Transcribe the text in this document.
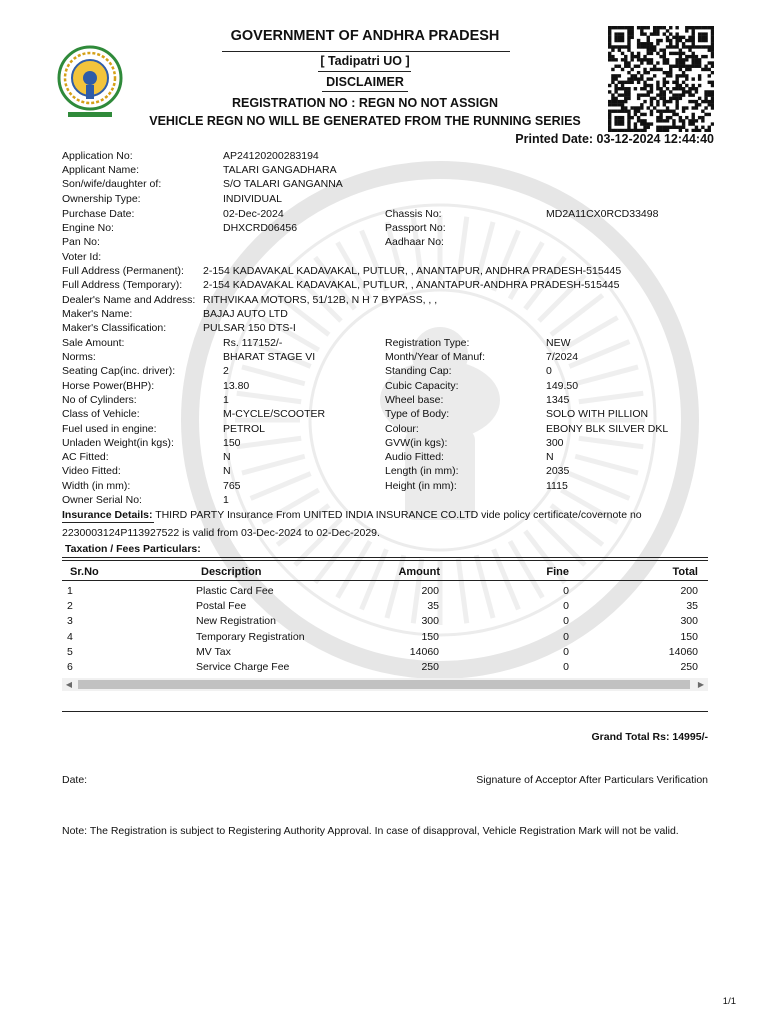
GOVERNMENT OF ANDHRA PRADESH
[ Tadipatri UO ]
DISCLAIMER
REGISTRATION NO : REGN NO NOT ASSIGN
VEHICLE REGN NO WILL BE GENERATED FROM THE RUNNING SERIES
Printed Date: 03-12-2024 12:44:40
Application No:	AP24120200283194
Applicant Name:	TALARI GANGADHARA
Son/wife/daughter of:	S/O TALARI GANGANNA
Ownership Type:	INDIVIDUAL
Purchase Date:	02-Dec-2024	Chassis No:	MD2A11CX0RCD33498
Engine No:	DHXCRD06456	Passport No:
Pan No:	Aadhaar No:
Voter Id:
Full Address (Permanent): 2-154 KADAVAKAL KADAVAKAL, PUTLUR, , ANANTAPUR, ANDHRA PRADESH-515445
Full Address (Temporary): 2-154 KADAVAKAL KADAVAKAL, PUTLUR, , ANANTAPUR-ANDHRA PRADESH-515445
Dealer's Name and Address: RITHVIKAA MOTORS, 51/12B, N H 7 BYPASS, , ,
Maker's Name:	BAJAJ AUTO LTD
Maker's Classification:	PULSAR 150 DTS-I
Sale Amount:	Rs. 117152/-	Registration Type:	NEW
Norms:	BHARAT STAGE VI	Month/Year of Manuf:	7/2024
Seating Cap(inc. driver):	2	Standing Cap:	0
Horse Power(BHP):	13.80	Cubic Capacity:	149.50
No of Cylinders:	1	Wheel base:	1345
Class of Vehicle:	M-CYCLE/SCOOTER	Type of Body:	SOLO WITH PILLION
Fuel used in engine:	PETROL	Colour:	EBONY BLK SILVER DKL
Unladen Weight(in kgs):	150	GVW(in kgs):	300
AC Fitted:	N	Audio Fitted:	N
Video Fitted:	N	Length (in mm):	2035
Width (in mm):	765	Height (in mm):	1115
Owner Serial No:	1
Insurance Details: THIRD PARTY Insurance From UNITED INDIA INSURANCE CO.LTD vide policy certificate/covernote no
2230003124P113927522 is valid from 03-Dec-2024 to 02-Dec-2029.
Taxation / Fees Particulars:
Sr.No	Description	Amount	Fine	Total
1	Plastic Card Fee	200	0	200
2	Postal Fee	35	0	35
3	New Registration	300	0	300
4	Temporary Registration	150	0	150
5	MV Tax	14060	0	14060
6	Service Charge Fee	250	0	250
◀	▶
Grand Total Rs: 14995/-
Date:	Signature of Acceptor After Particulars Verification
Note: The Registration is subject to Registering Authority Approval. In case of disapproval, Vehicle Registration Mark will not be valid.
1/1
